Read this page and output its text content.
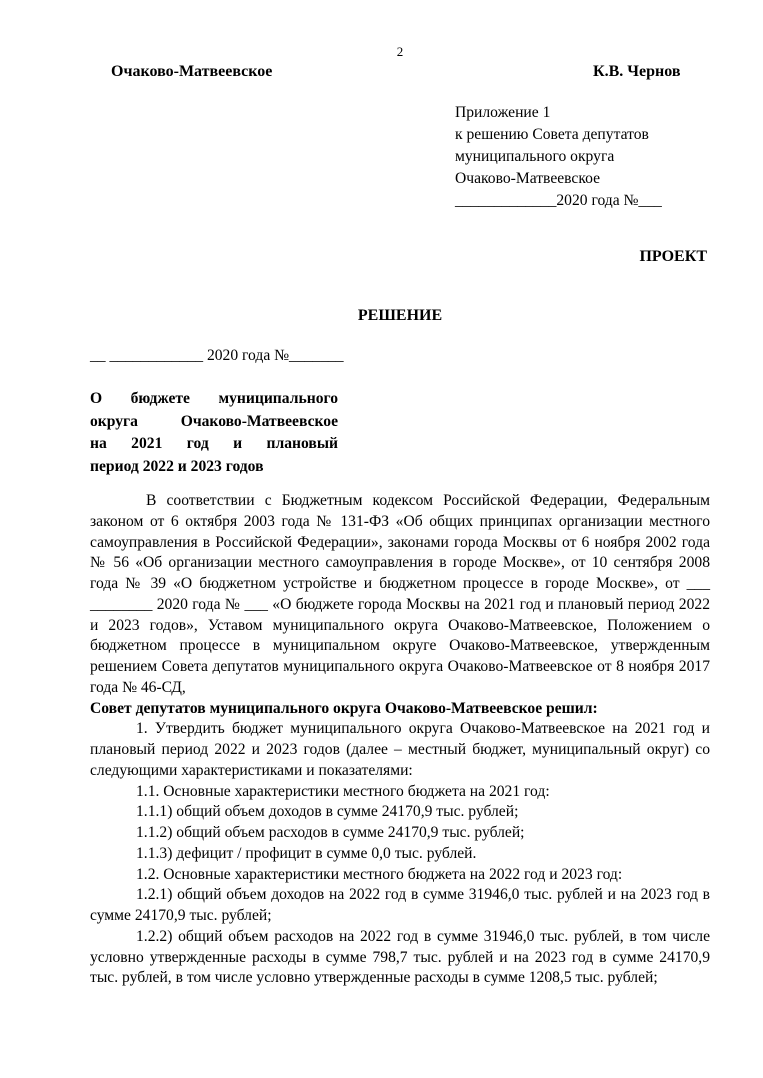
2
Очаково-Матвеевское	К.В. Чернов
Приложение 1
к решению Совета депутатов
муниципального округа
Очаково-Матвеевское
_____________2020 года №___
ПРОЕКТ
РЕШЕНИЕ
__ ____________ 2020 года №_______
О бюджете муниципального
округа Очаково-Матвеевское
на 2021 год и плановый
период 2022 и 2023 годов

В соответствии с Бюджетным кодексом Российской Федерации, Федеральным законом от 6 октября 2003 года № 131-ФЗ «Об общих принципах организации местного самоуправления в Российской Федерации», законами города Москвы от 6 ноября 2002 года № 56 «Об организации местного самоуправления в городе Москве», от 10 сентября 2008 года № 39 «О бюджетном устройстве и бюджетном процессе в городе Москве», от ___ ________ 2020 года № ___ «О бюджете города Москвы на 2021 год и плановый период 2022 и 2023 годов», Уставом муниципального округа Очаково-Матвеевское, Положением о бюджетном процессе в муниципальном округе Очаково-Матвеевское, утвержденным решением Совета депутатов муниципального округа Очаково-Матвеевское от 8 ноября 2017 года № 46-СД,

Совет депутатов муниципального округа Очаково-Матвеевское решил:

1. Утвердить бюджет муниципального округа Очаково-Матвеевское на 2021 год и плановый период 2022 и 2023 годов (далее – местный бюджет, муниципальный округ) со следующими характеристиками и показателями:

1.1. Основные характеристики местного бюджета на 2021 год:

1.1.1) общий объем доходов в сумме 24170,9 тыс. рублей;

1.1.2) общий объем расходов в сумме 24170,9 тыс. рублей;

1.1.3) дефицит / профицит в сумме 0,0 тыс. рублей.

1.2. Основные характеристики местного бюджета на 2022 год и 2023 год:

1.2.1) общий объем доходов на 2022 год в сумме 31946,0 тыс. рублей и на 2023 год в сумме 24170,9 тыс. рублей;

1.2.2) общий объем расходов на 2022 год в сумме 31946,0 тыс. рублей, в том числе условно утвержденные расходы в сумме 798,7 тыс. рублей и на 2023 год в сумме 24170,9 тыс. рублей, в том числе условно утвержденные расходы в сумме 1208,5 тыс. рублей;
